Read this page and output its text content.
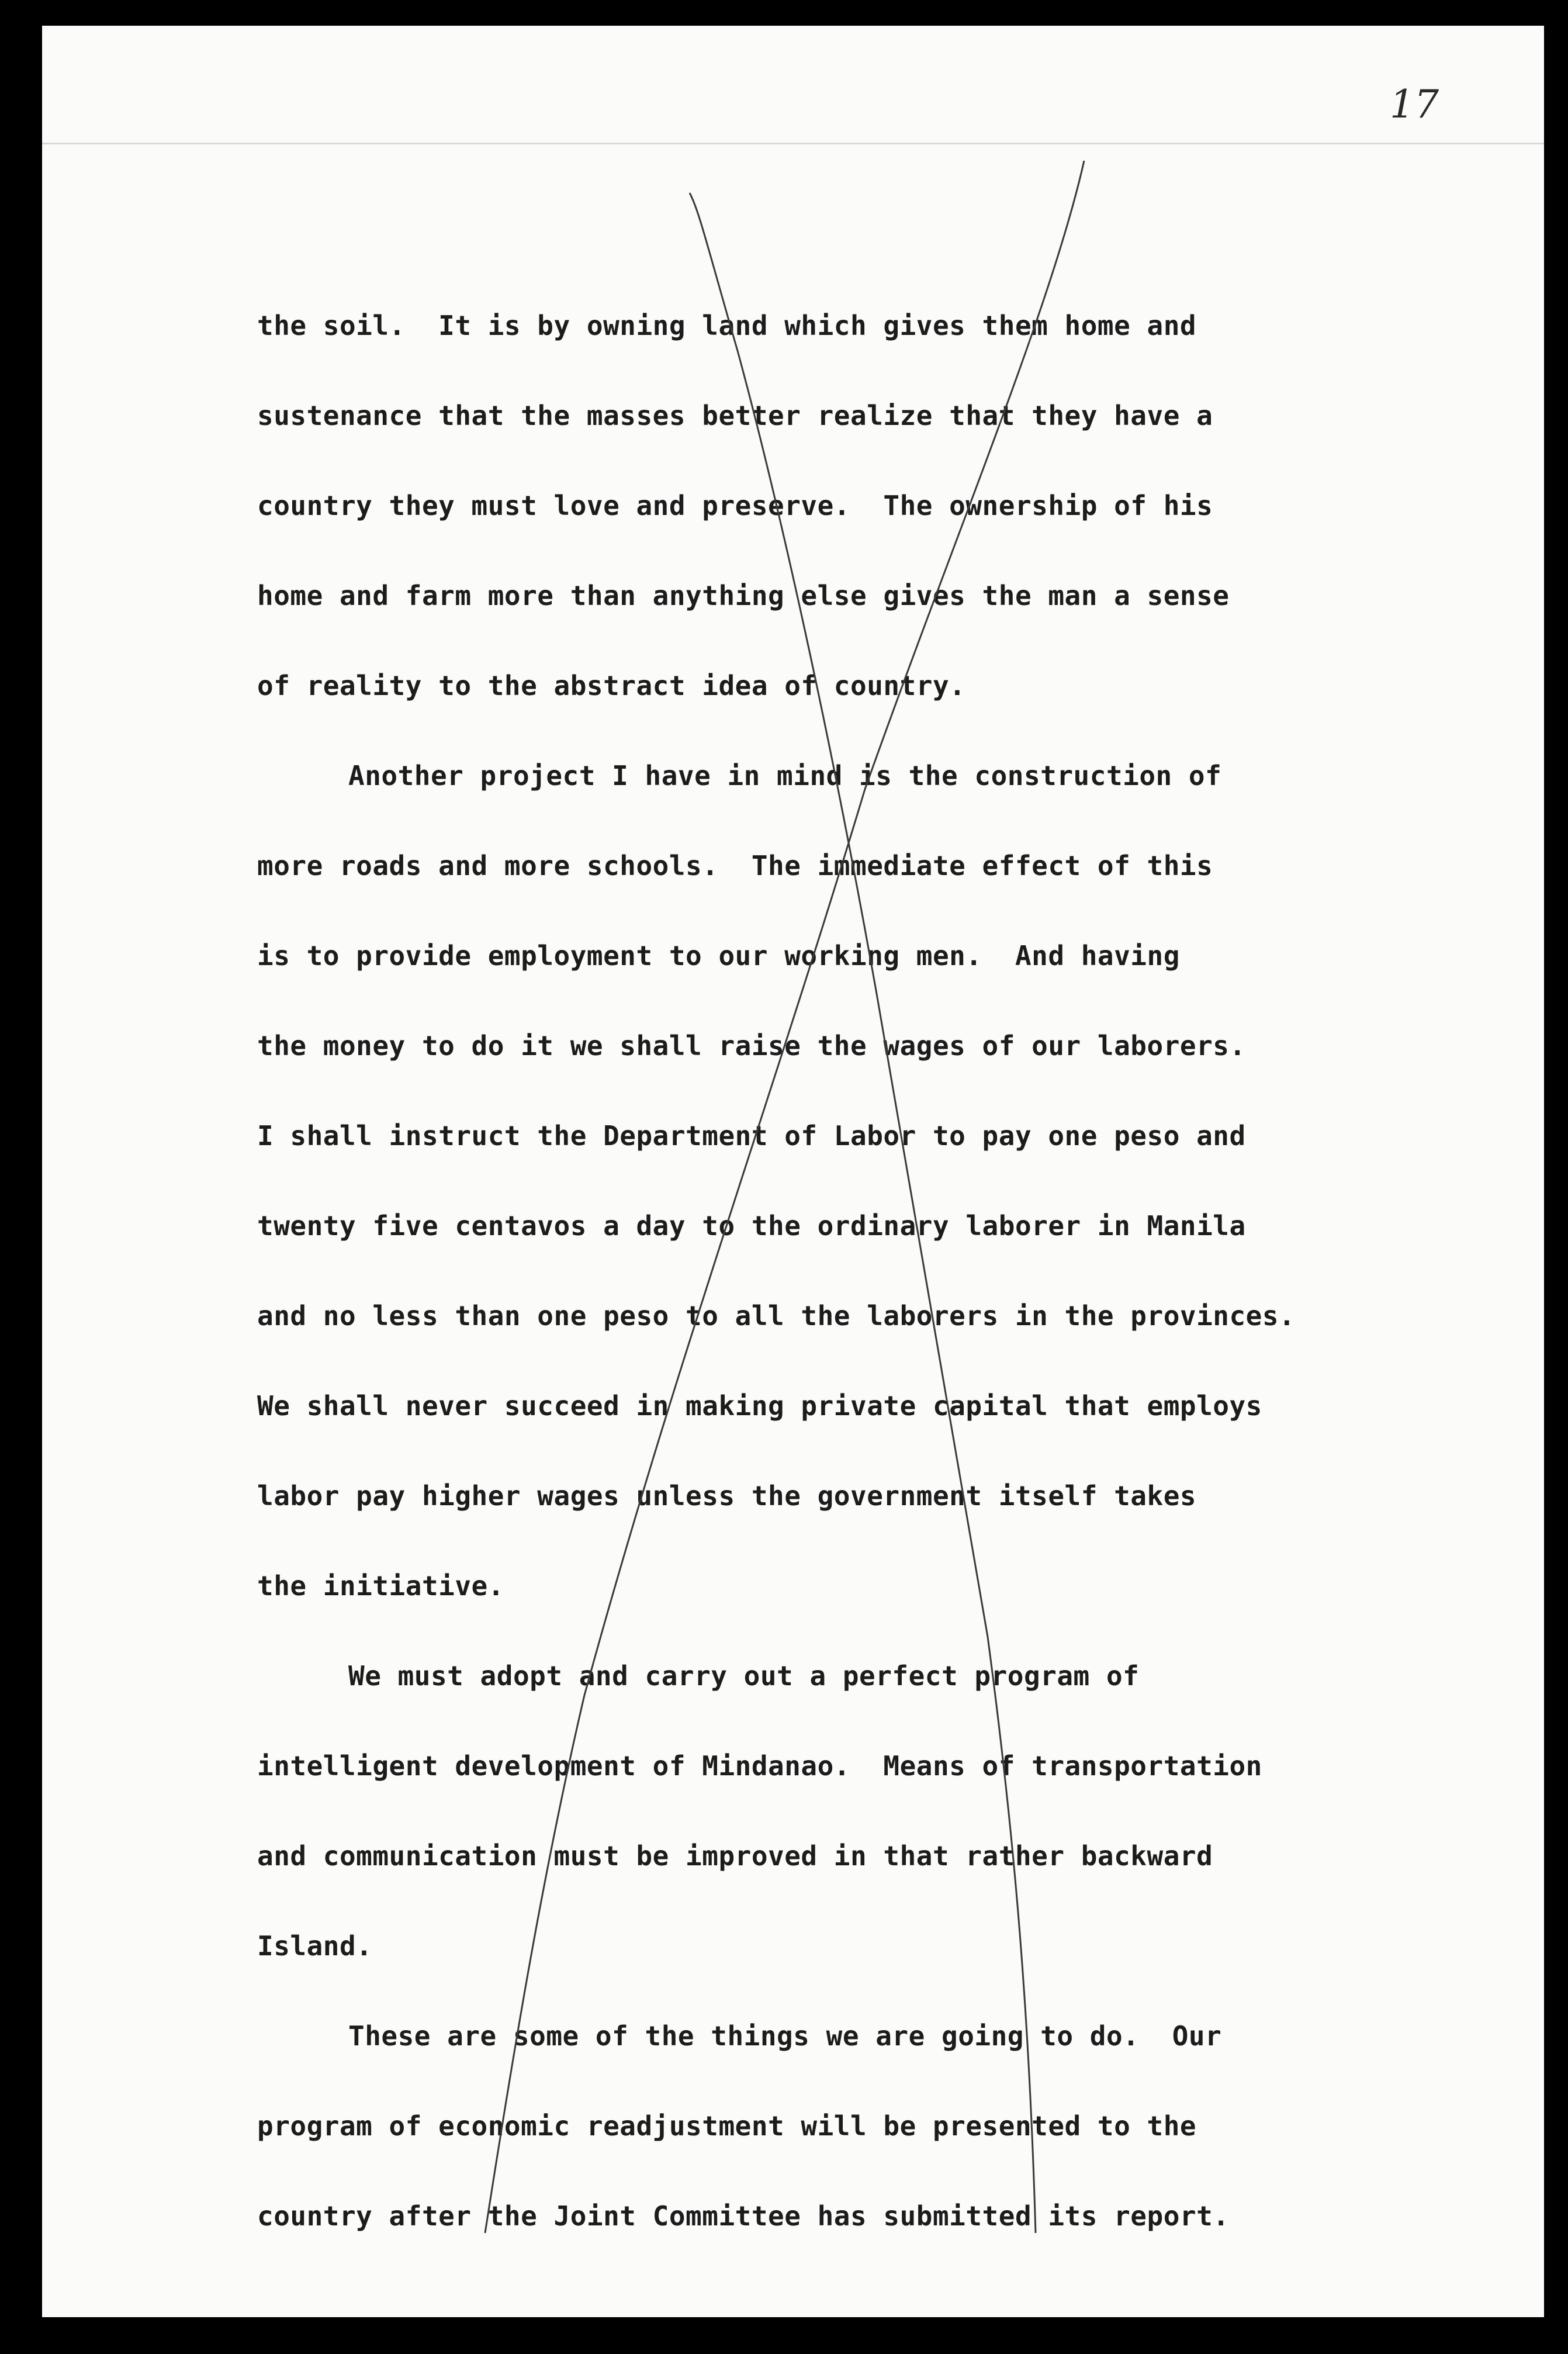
17

the soil.  It is by owning land which gives them home and
sustenance that the masses better realize that they have a
country they must love and preserve.  The ownership of his
home and farm more than anything else gives the man a sense
of reality to the abstract idea of country.

Another project I have in mind is the construction of
more roads and more schools.  The immediate effect of this
is to provide employment to our working men.  And having
the money to do it we shall raise the wages of our laborers.
I shall instruct the Department of Labor to pay one peso and
twenty five centavos a day to the ordinary laborer in Manila
and no less than one peso to all the laborers in the provinces.
We shall never succeed in making private capital that employs
labor pay higher wages unless the government itself takes
the initiative.

We must adopt and carry out a perfect program of
intelligent development of Mindanao.  Means of transportation
and communication must be improved in that rather backward
Island.

These are some of the things we are going to do.  Our
program of economic readjustment will be presented to the
country after the Joint Committee has submitted its report.
